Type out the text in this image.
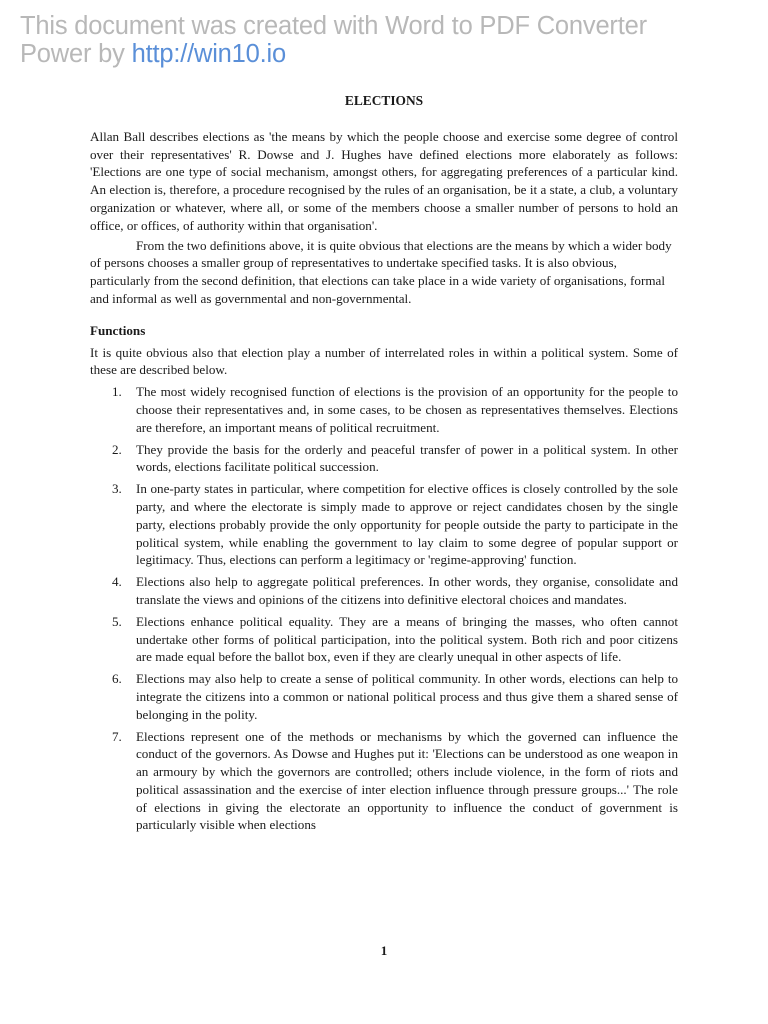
This document was created with Word to PDF Converter
Power by http://win10.io
ELECTIONS

Allan Ball describes elections as 'the means by which the people choose and exercise some degree of control over their representatives' R. Dowse and J. Hughes have defined elections more elaborately as follows: 'Elections are one type of social mechanism, amongst others, for aggregating preferences of a particular kind. An election is, therefore, a procedure recognised by the rules of an organisation, be it a state, a club, a voluntary organization or whatever, where all, or some of the members choose a smaller number of persons to hold an office, or offices, of authority within that organisation'.

From the two definitions above, it is quite obvious that elections are the means by which a wider body of persons chooses a smaller group of representatives to undertake specified tasks. It is also obvious, particularly from the second definition, that elections can take place in a wide variety of organisations, formal and informal as well as governmental and non-governmental.

Functions

It is quite obvious also that election play a number of interrelated roles in within a political system. Some of these are described below.

1. The most widely recognised function of elections is the provision of an opportunity for the people to choose their representatives and, in some cases, to be chosen as representatives themselves. Elections are therefore, an important means of political recruitment.
2. They provide the basis for the orderly and peaceful transfer of power in a political system. In other words, elections facilitate political succession.
3. In one-party states in particular, where competition for elective offices is closely controlled by the sole party, and where the electorate is simply made to approve or reject candidates chosen by the single party, elections probably provide the only opportunity for people outside the party to participate in the political system, while enabling the government to lay claim to some degree of popular support or legitimacy. Thus, elections can perform a legitimacy or 'regime-approving' function.
4. Elections also help to aggregate political preferences. In other words, they organise, consolidate and translate the views and opinions of the citizens into definitive electoral choices and mandates.
5. Elections enhance political equality. They are a means of bringing the masses, who often cannot undertake other forms of political participation, into the political system. Both rich and poor citizens are made equal before the ballot box, even if they are clearly unequal in other aspects of life.
6. Elections may also help to create a sense of political community. In other words, elections can help to integrate the citizens into a common or national political process and thus give them a shared sense of belonging in the polity.
7. Elections represent one of the methods or mechanisms by which the governed can influence the conduct of the governors. As Dowse and Hughes put it: 'Elections can be understood as one weapon in an armoury by which the governors are controlled; others include violence, in the form of riots and political assassination and the exercise of inter election influence through pressure groups...' The role of elections in giving the electorate an opportunity to influence the conduct of government is particularly visible when elections
1
